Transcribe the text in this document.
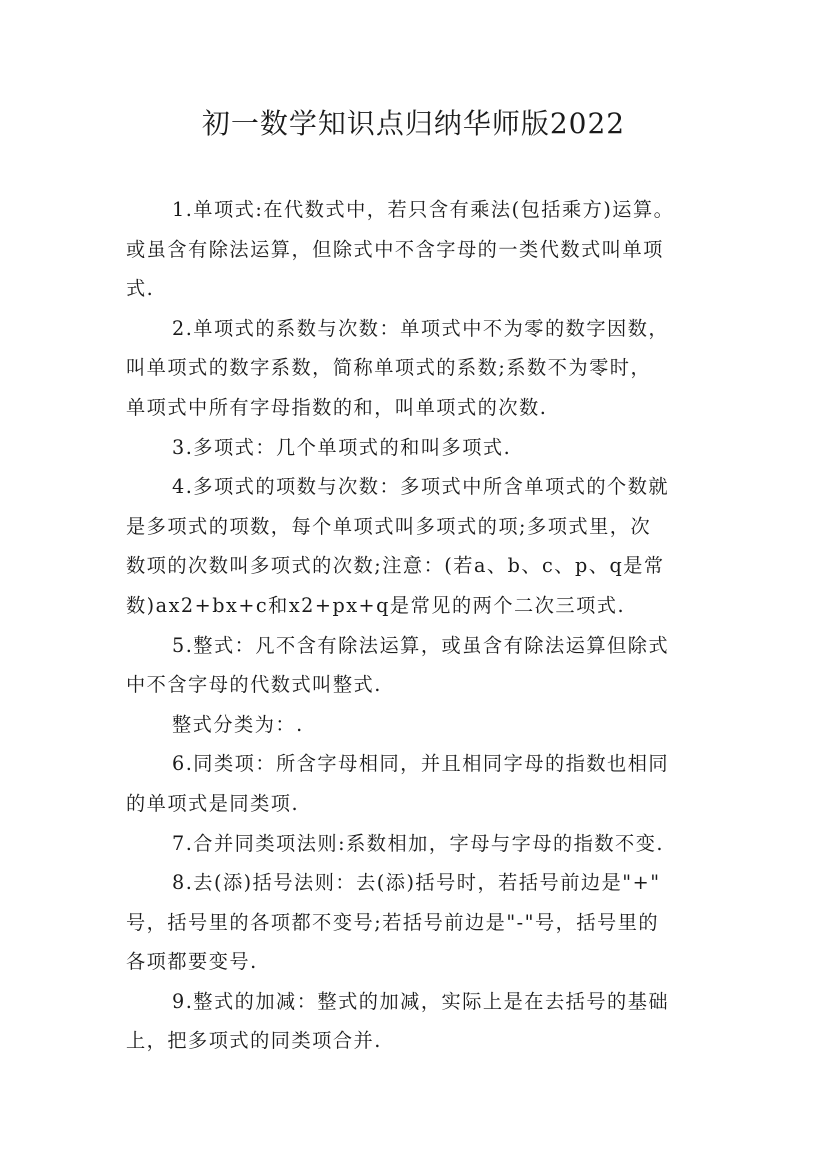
初一数学知识点归纳华师版2022
1.单项式:在代数式中，若只含有乘法(包括乘方)运算。
或虽含有除法运算，但除式中不含字母的一类代数式叫单项
式.
2.单项式的系数与次数：单项式中不为零的数字因数，
叫单项式的数字系数，简称单项式的系数;系数不为零时，
单项式中所有字母指数的和，叫单项式的次数.
3.多项式：几个单项式的和叫多项式.
4.多项式的项数与次数：多项式中所含单项式的个数就
是多项式的项数，每个单项式叫多项式的项;多项式里，次
数项的次数叫多项式的次数;注意：(若a、b、c、p、q是常
数)ax2+bx+c和x2+px+q是常见的两个二次三项式.
5.整式：凡不含有除法运算，或虽含有除法运算但除式
中不含字母的代数式叫整式.
整式分类为：.
6.同类项：所含字母相同，并且相同字母的指数也相同
的单项式是同类项.
7.合并同类项法则:系数相加，字母与字母的指数不变.
8.去(添)括号法则：去(添)括号时，若括号前边是"+"
号，括号里的各项都不变号;若括号前边是"-"号，括号里的
各项都要变号.
9.整式的加减：整式的加减，实际上是在去括号的基础
上，把多项式的同类项合并.
